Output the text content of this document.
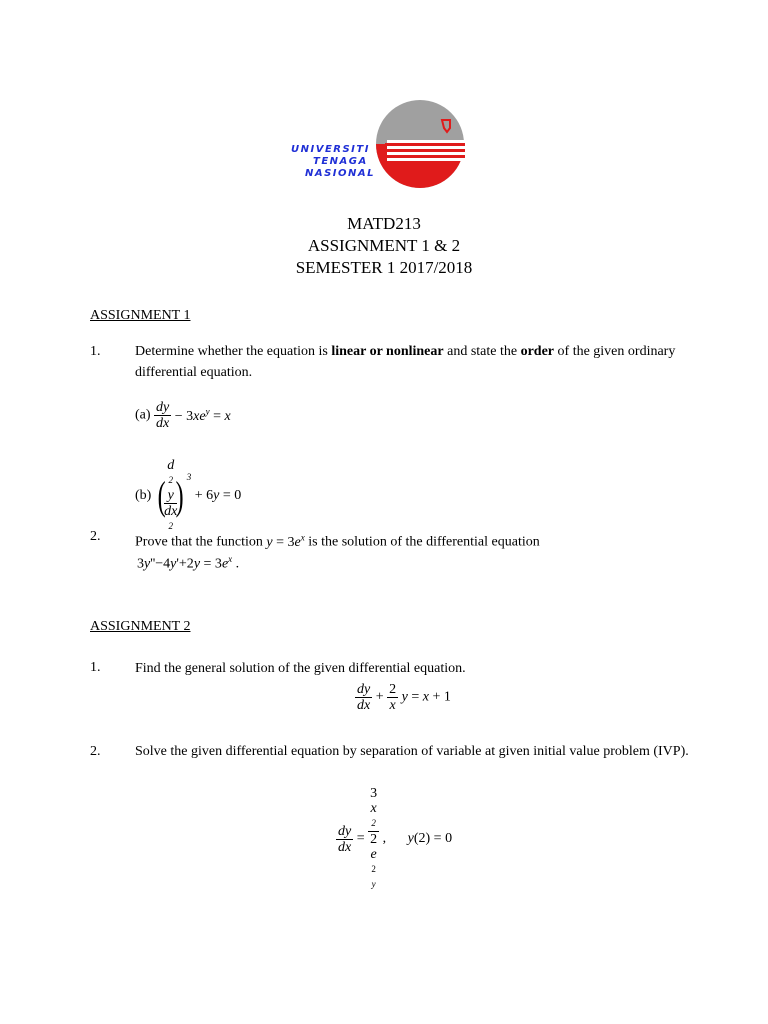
UNIVERSITI
TENAGA
NASIONAL
MATD213
ASSIGNMENT 1 & 2
SEMESTER 1 2017/2018
ASSIGNMENT 1
1. Determine whether the equation is linear or nonlinear and state the order of the given ordinary differential equation.
$(a) \frac{dy}{dx} - 3xe^y = x$
(b) (
d
2
y
dx
2
) $^3$ + 6y = 0
2. Prove that the function $y = 3e^x$ is the solution of the differential equation
$3y''-4y'+2y = 3e^x$ .
ASSIGNMENT 2
1. Find the general solution of the given differential equation.
$\frac{dy}{dx} + \frac{2}{x}$ y = x + 1
2. Solve the given differential equation by separation of variable at given initial value problem (IVP).
$\frac{dy}{dx} = 3$
x
2
2
e
2
y , y(2) = 0
